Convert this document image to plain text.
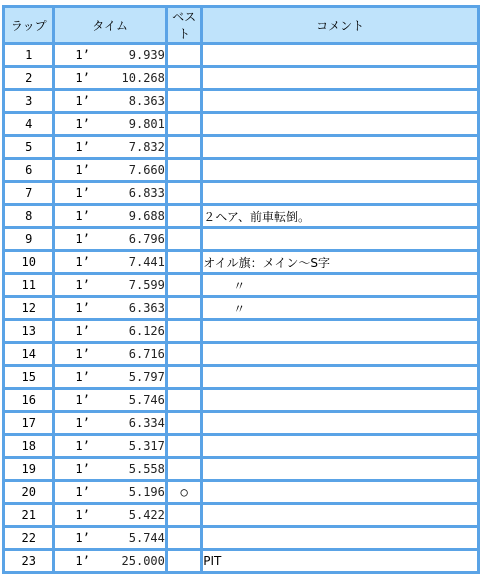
ラップ	タイム	ベスト	コメント
1	1’ 9.939		

2	1’ 10.268		

3	1’ 8.363		

4	1’ 9.801		

5	1’ 7.832		

6	1’ 7.660		

7	1’ 6.833		

8	1’ 9.688		２ヘア、前車転倒。
9	1’ 6.796		

10	1’ 7.441		オイル旗：メイン～S字
11	1’ 7.599		〃
12	1’ 6.363		〃
13	1’ 6.126		

14	1’ 6.716		

15	1’ 5.797		

16	1’ 5.746		

17	1’ 6.334		

18	1’ 5.317		

19	1’ 5.558		

20	1’ 5.196	○	
21	1’ 5.422		

22	1’ 5.744		

23	1’ 25.000		PIT
